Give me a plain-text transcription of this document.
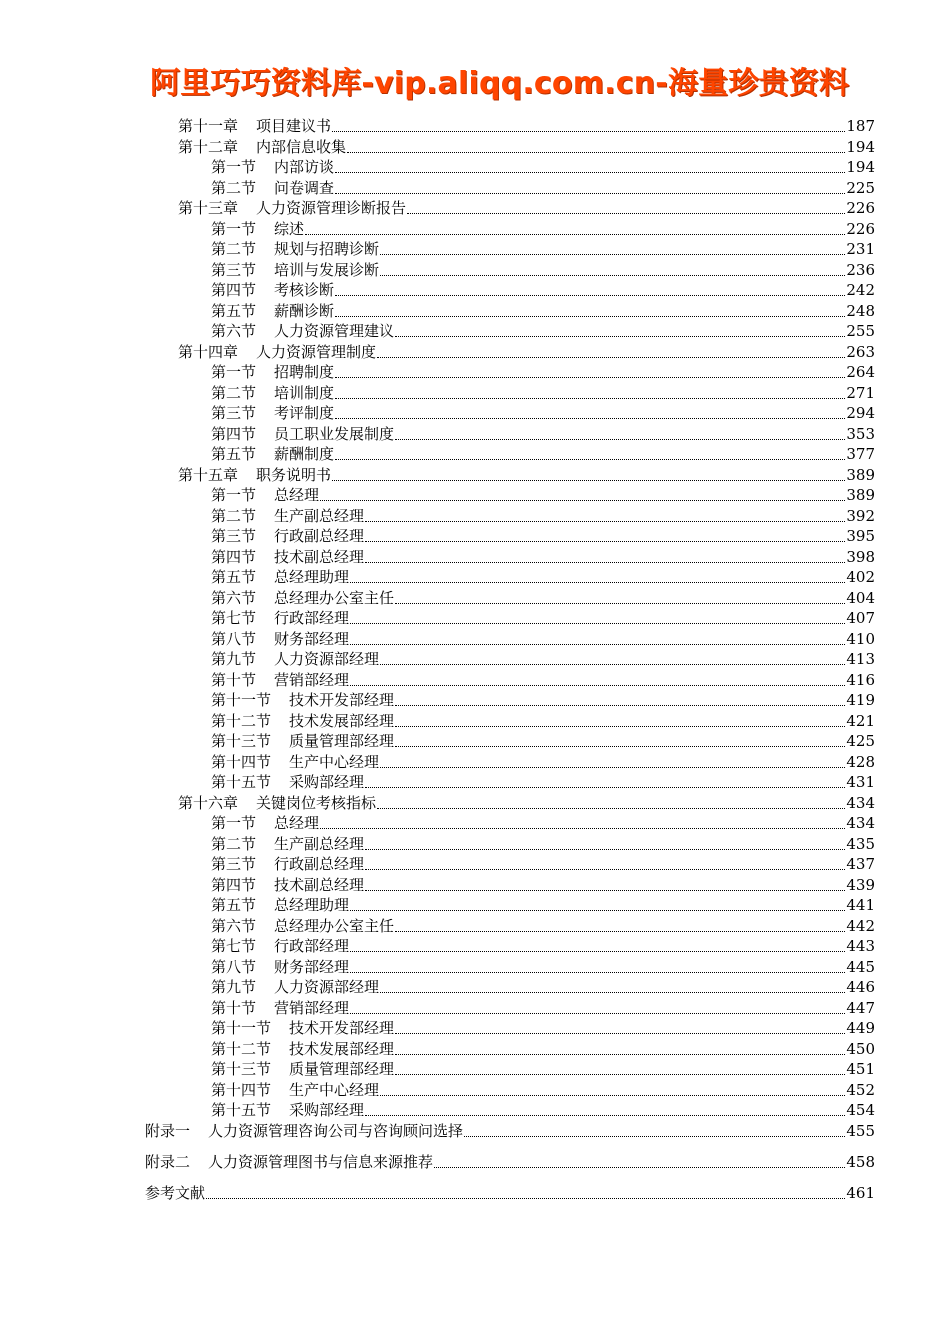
阿里巧巧资料库-vip.aliqq.com.cn-海量珍贵资料
第十一章 项目建议书	187
第十二章 内部信息收集	194
第一节 内部访谈	194
第二节 问卷调查	225
第十三章 人力资源管理诊断报告	226
第一节 综述	226
第二节 规划与招聘诊断	231
第三节 培训与发展诊断	236
第四节 考核诊断	242
第五节 薪酬诊断	248
第六节 人力资源管理建议	255
第十四章 人力资源管理制度	263
第一节 招聘制度	264
第二节 培训制度	271
第三节 考评制度	294
第四节 员工职业发展制度	353
第五节 薪酬制度	377
第十五章 职务说明书	389
第一节 总经理	389
第二节 生产副总经理	392
第三节 行政副总经理	395
第四节 技术副总经理	398
第五节 总经理助理	402
第六节 总经理办公室主任	404
第七节 行政部经理	407
第八节 财务部经理	410
第九节 人力资源部经理	413
第十节 营销部经理	416
第十一节 技术开发部经理	419
第十二节 技术发展部经理	421
第十三节 质量管理部经理	425
第十四节 生产中心经理	428
第十五节 采购部经理	431
第十六章 关键岗位考核指标	434
第一节 总经理	434
第二节 生产副总经理	435
第三节 行政副总经理	437
第四节 技术副总经理	439
第五节 总经理助理	441
第六节 总经理办公室主任	442
第七节 行政部经理	443
第八节 财务部经理	445
第九节 人力资源部经理	446
第十节 营销部经理	447
第十一节 技术开发部经理	449
第十二节 技术发展部经理	450
第十三节 质量管理部经理	451
第十四节 生产中心经理	452
第十五节 采购部经理	454
附录一 人力资源管理咨询公司与咨询顾问选择	455
附录二 人力资源管理图书与信息来源推荐	458
参考文献	461
